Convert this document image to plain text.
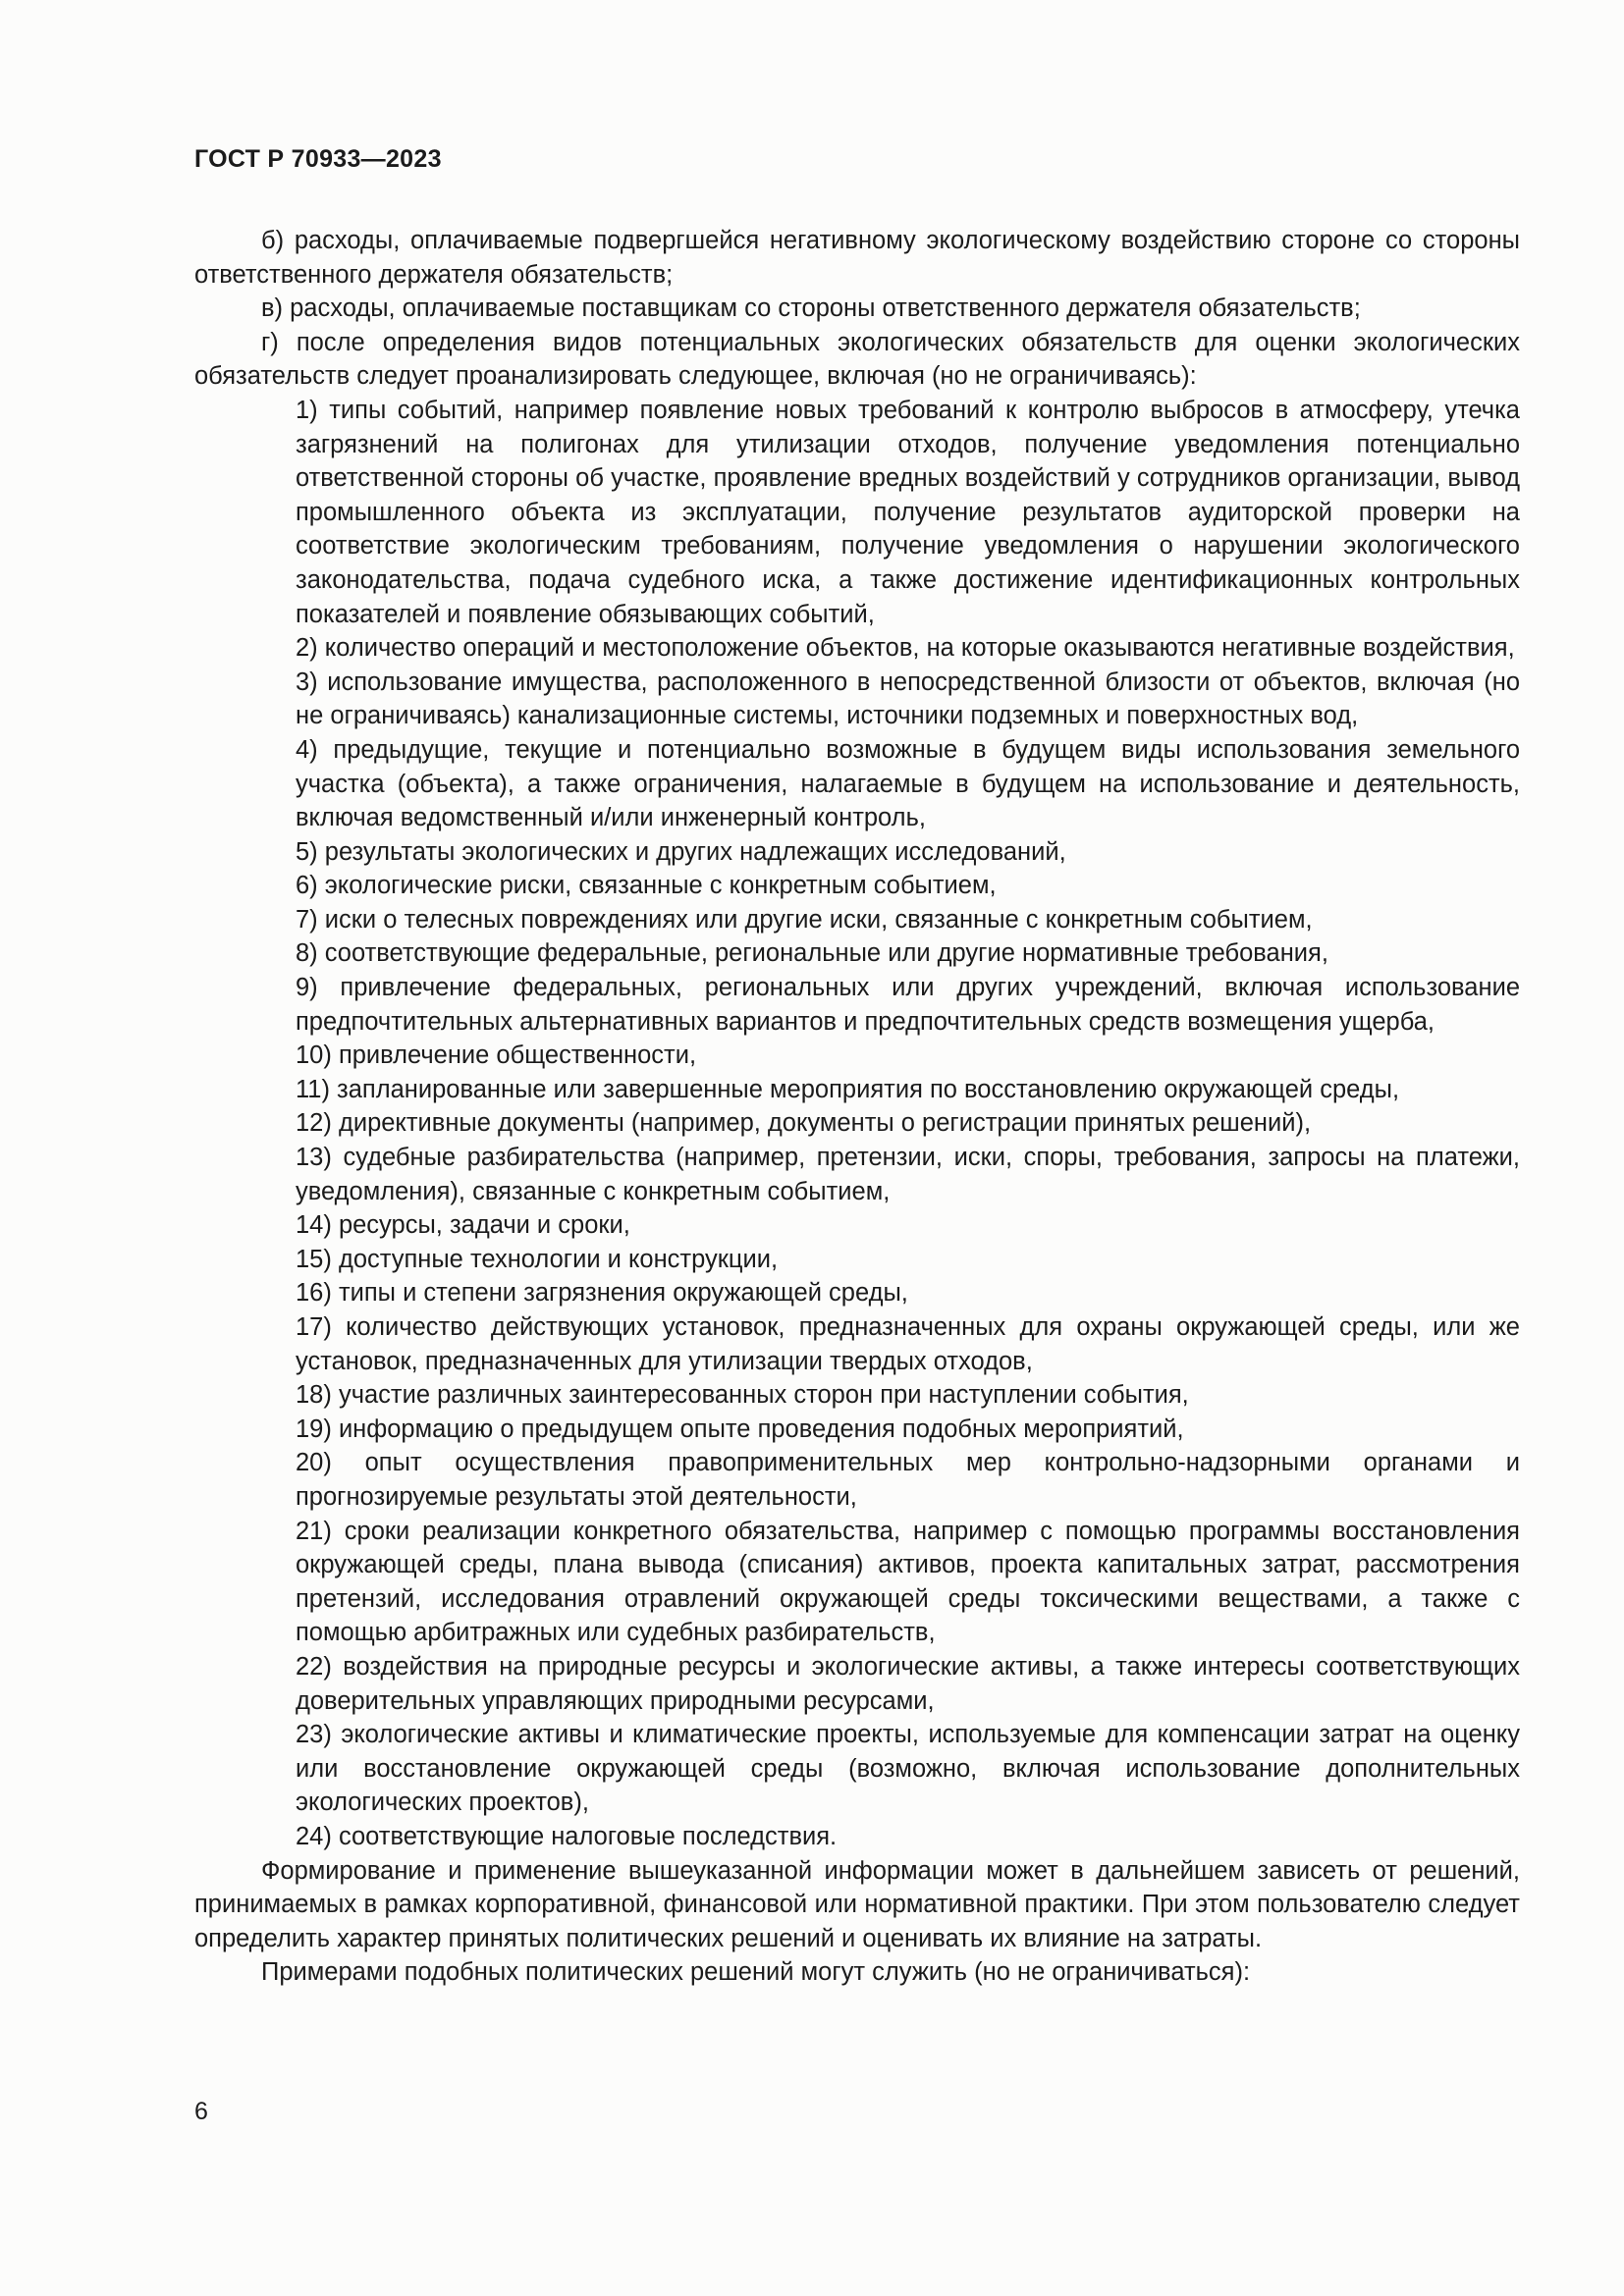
ГОСТ Р 70933—2023

б) расходы, оплачиваемые подвергшейся негативному экологическому воздействию стороне со стороны ответственного держателя обязательств;

в) расходы, оплачиваемые поставщикам со стороны ответственного держателя обязательств;

г) после определения видов потенциальных экологических обязательств для оценки экологических обязательств следует проанализировать следующее, включая (но не ограничиваясь):

1) типы событий, например появление новых требований к контролю выбросов в атмосферу, утечка загрязнений на полигонах для утилизации отходов, получение уведомления потенциально ответственной стороны об участке, проявление вредных воздействий у сотрудников организации, вывод промышленного объекта из эксплуатации, получение результатов аудиторской проверки на соответствие экологическим требованиям, получение уведомления о нарушении экологического законодательства, подача судебного иска, а также достижение идентификационных контрольных показателей и появление обязывающих событий,
2) количество операций и местоположение объектов, на которые оказываются негативные воздействия,
3) использование имущества, расположенного в непосредственной близости от объектов, включая (но не ограничиваясь) канализационные системы, источники подземных и поверхностных вод,
4) предыдущие, текущие и потенциально возможные в будущем виды использования земельного участка (объекта), а также ограничения, налагаемые в будущем на использование и деятельность, включая ведомственный и/или инженерный контроль,
5) результаты экологических и других надлежащих исследований,
6) экологические риски, связанные с конкретным событием,
7) иски о телесных повреждениях или другие иски, связанные с конкретным событием,
8) соответствующие федеральные, региональные или другие нормативные требования,
9) привлечение федеральных, региональных или других учреждений, включая использование предпочтительных альтернативных вариантов и предпочтительных средств возмещения ущерба,
10) привлечение общественности,
11) запланированные или завершенные мероприятия по восстановлению окружающей среды,
12) директивные документы (например, документы о регистрации принятых решений),
13) судебные разбирательства (например, претензии, иски, споры, требования, запросы на платежи, уведомления), связанные с конкретным событием,
14) ресурсы, задачи и сроки,
15) доступные технологии и конструкции,
16) типы и степени загрязнения окружающей среды,
17) количество действующих установок, предназначенных для охраны окружающей среды, или же установок, предназначенных для утилизации твердых отходов,
18) участие различных заинтересованных сторон при наступлении события,
19) информацию о предыдущем опыте проведения подобных мероприятий,
20) опыт осуществления правоприменительных мер контрольно-надзорными органами и прогнозируемые результаты этой деятельности,
21) сроки реализации конкретного обязательства, например с помощью программы восстановления окружающей среды, плана вывода (списания) активов, проекта капитальных затрат, рассмотрения претензий, исследования отравлений окружающей среды токсическими веществами, а также с помощью арбитражных или судебных разбирательств,
22) воздействия на природные ресурсы и экологические активы, а также интересы соответствующих доверительных управляющих природными ресурсами,
23) экологические активы и климатические проекты, используемые для компенсации затрат на оценку или восстановление окружающей среды (возможно, включая использование дополнительных экологических проектов),
24) соответствующие налоговые последствия.

Формирование и применение вышеуказанной информации может в дальнейшем зависеть от решений, принимаемых в рамках корпоративной, финансовой или нормативной практики. При этом пользователю следует определить характер принятых политических решений и оценивать их влияние на затраты.

Примерами подобных политических решений могут служить (но не ограничиваться):

6
